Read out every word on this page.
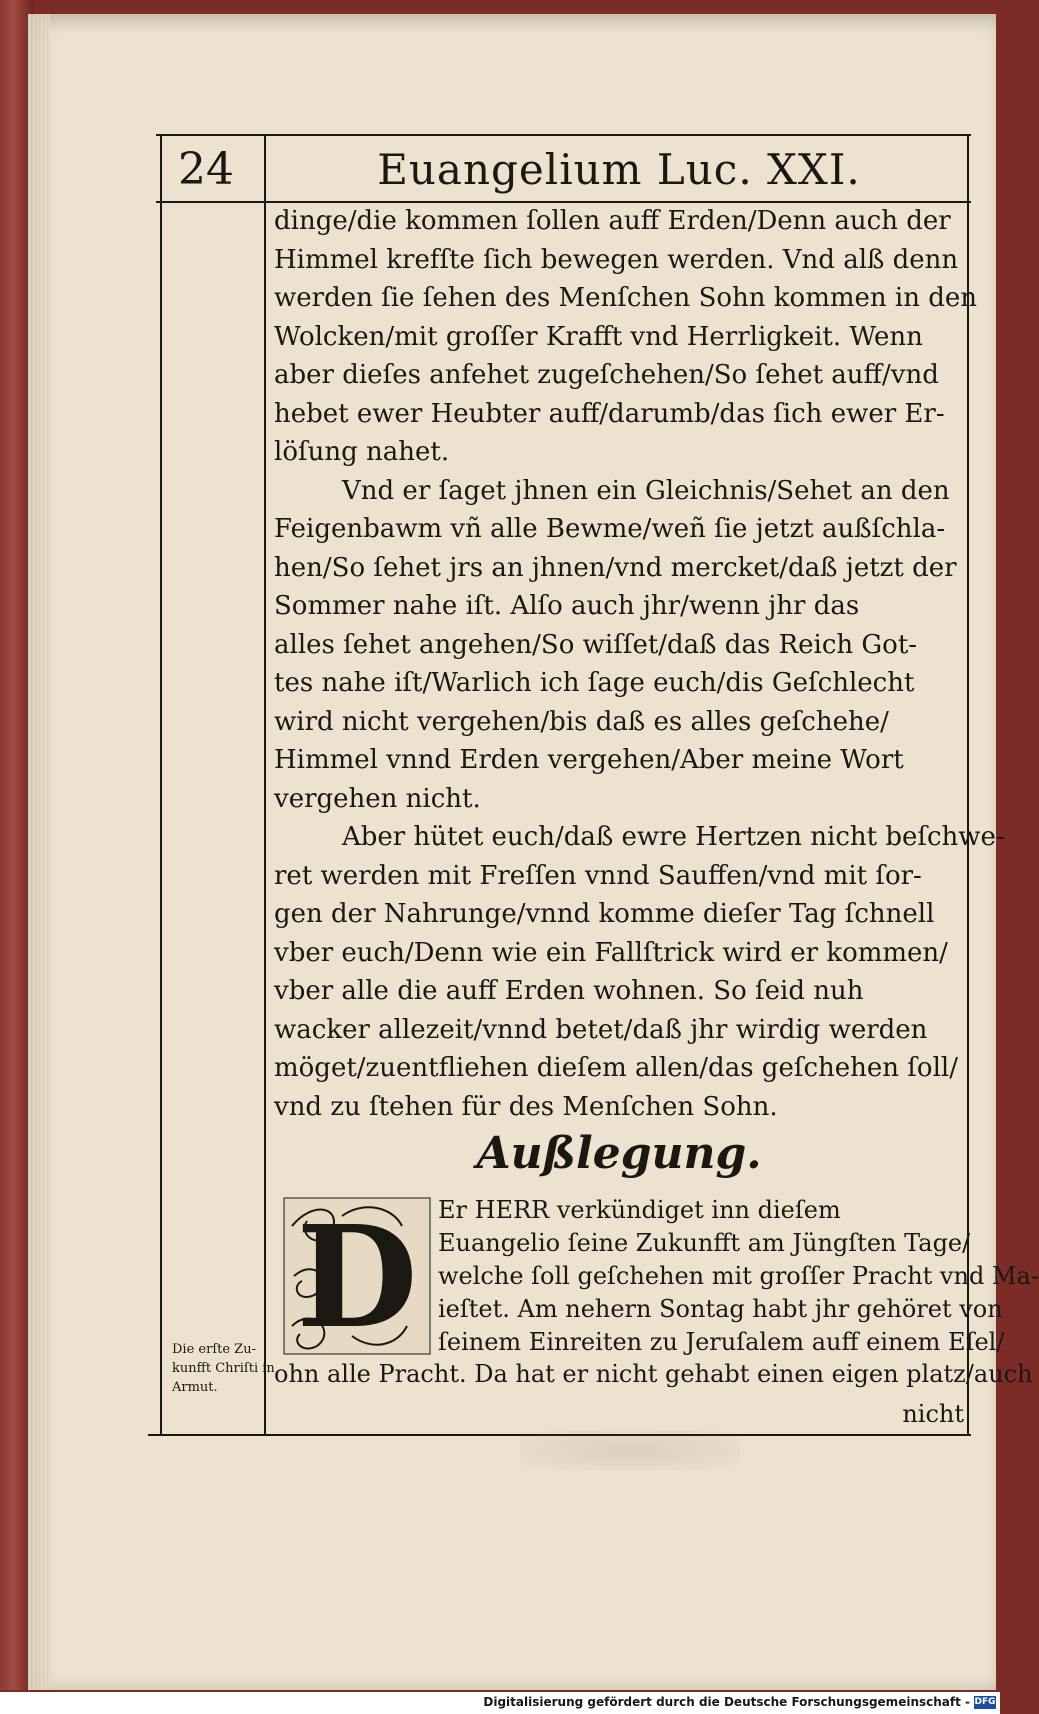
24	Euangelium Luc. XXI.
dinge/die kommen ſollen auff Erden/Denn auch der
Himmel krefſte ſich bewegen werden. Vnd alß denn
werden ſie ſehen des Menſchen Sohn kommen in den
Wolcken/mit groſſer Krafft vnd Herrligkeit. Wenn
aber dieſes anfehet zugeſchehen/So ſehet auff/vnd
hebet ewer Heubter auff/darumb/das ſich ewer Er-
löſung nahet.
Vnd er ſaget jhnen ein Gleichnis/Sehet an den
Feigenbawm vñ alle Bewme/weñ ſie jetzt außſchla-
hen/So ſehet jrs an jhnen/vnd mercket/daß jetzt der
Sommer nahe iſt. Alſo auch jhr/wenn jhr das
alles ſehet angehen/So wiſſet/daß das Reich Got-
tes nahe iſt/Warlich ich ſage euch/dis Geſchlecht
wird nicht vergehen/bis daß es alles geſchehe/
Himmel vnnd Erden vergehen/Aber meine Wort
vergehen nicht.
Aber hütet euch/daß ewre Hertzen nicht beſchwe-
ret werden mit Freſſen vnnd Sauffen/vnd mit ſor-
gen der Nahrunge/vnnd komme dieſer Tag ſchnell
vber euch/Denn wie ein Fallſtrick wird er kommen/
vber alle die auff Erden wohnen. So ſeid nuh
wacker allezeit/vnnd betet/daß jhr wirdig werden
möget/zuentfliehen dieſem allen/das geſchehen ſoll/
vnd zu ſtehen für des Menſchen Sohn.
Außlegung.
D Er HERR verkündiget inn dieſem
Euangelio ſeine Zukunfft am Jüngſten Tage/
welche ſoll geſchehen mit groſſer Pracht vnd Ma-
ieſtet. Am nehern Sontag habt jhr gehöret von
ſeinem Einreiten zu Jeruſalem auff einem Eſel/
ohn alle Pracht. Da hat er nicht gehabt einen eigen platz/auch
nicht
Die erſte Zu-
kunfft Chriſti in
Armut.
Digitalisierung gefördert durch die Deutsche Forschungsgemeinschaft - DFG
